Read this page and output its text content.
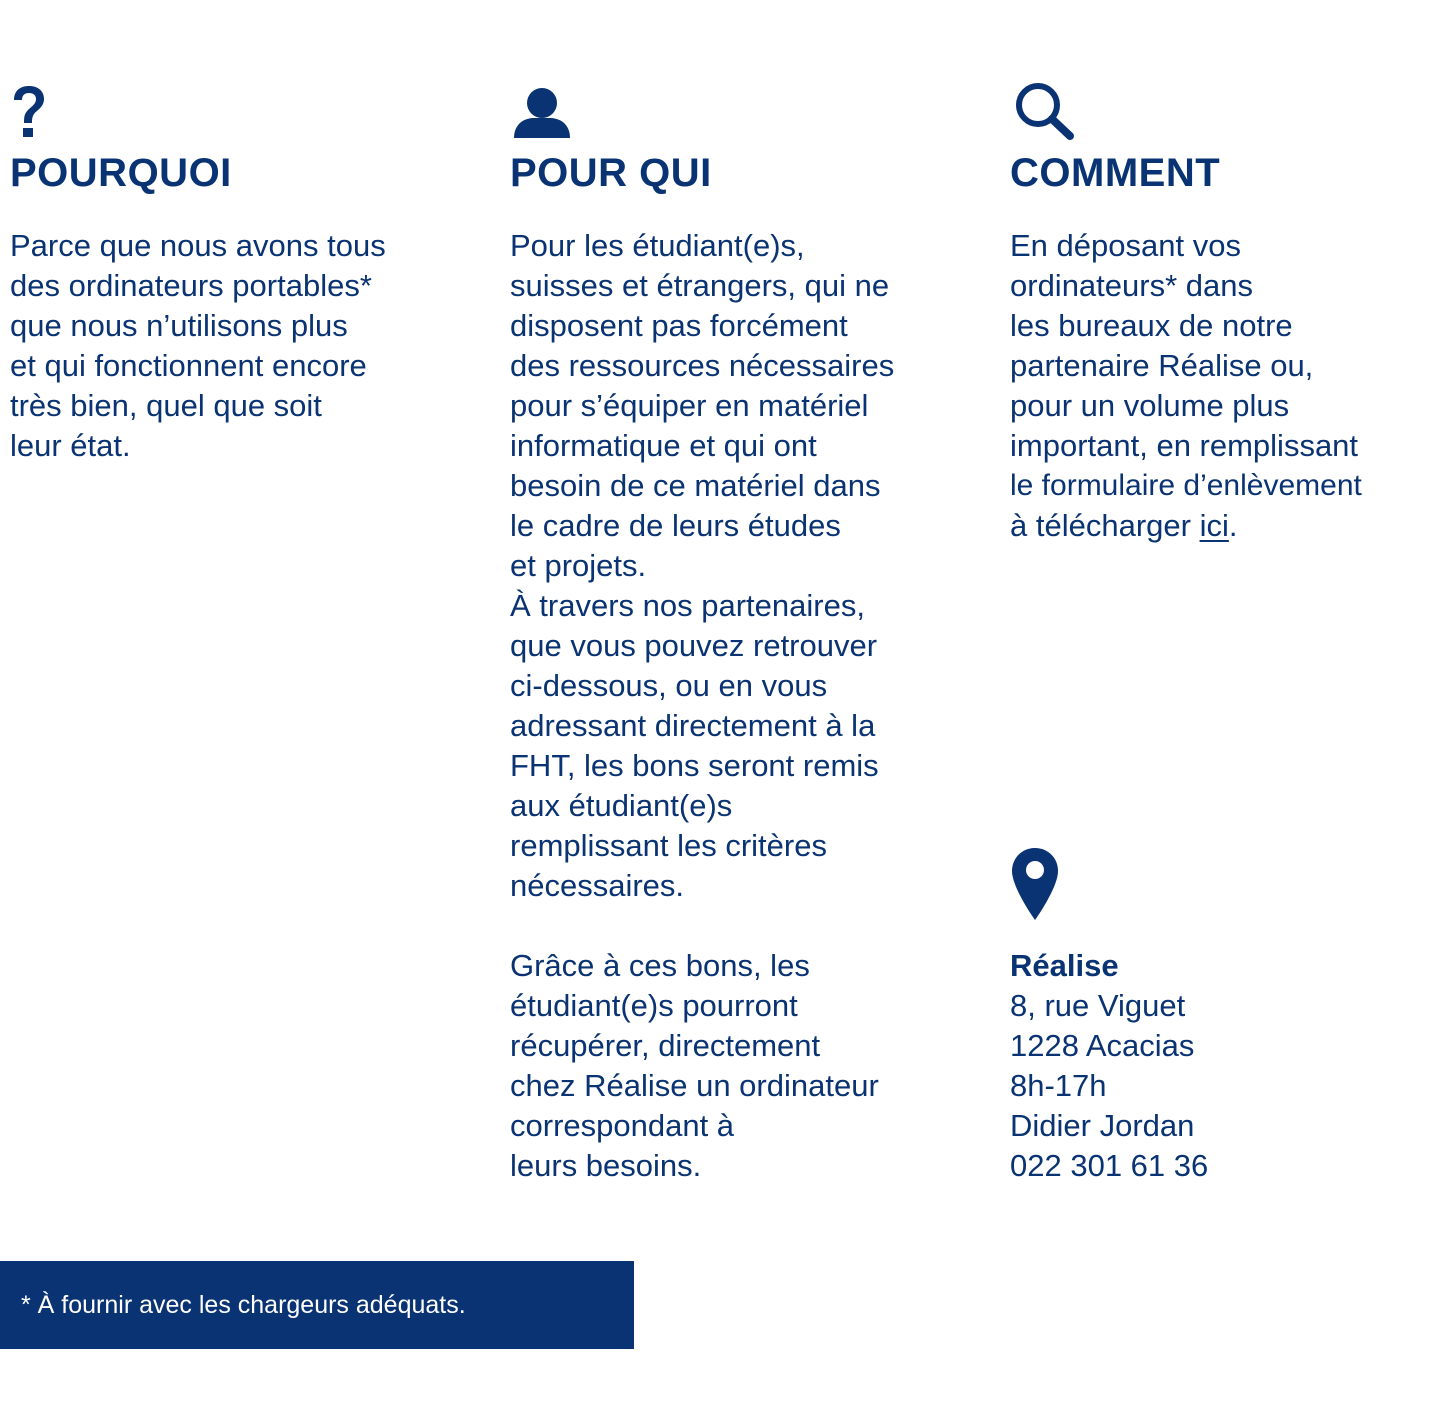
POURQUOI

Parce que nous avons tous
des ordinateurs portables*
que nous n’utilisons plus
et qui fonctionnent encore
très bien, quel que soit
leur état.

POUR QUI

Pour les étudiant(e)s,
suisses et étrangers, qui ne
disposent pas forcément
des ressources nécessaires
pour s’équiper en matériel
informatique et qui ont
besoin de ce matériel dans
le cadre de leurs études
et projets.
À travers nos partenaires,
que vous pouvez retrouver
ci-dessous, ou en vous
adressant directement à la
FHT, les bons seront remis
aux étudiant(e)s
remplissant les critères
nécessaires.
Grâce à ces bons, les
étudiant(e)s pourront
récupérer, directement
chez Réalise un ordinateur
correspondant à
leurs besoins.

COMMENT

En déposant vos
ordinateurs* dans
les bureaux de notre
partenaire Réalise ou,
pour un volume plus
important, en remplissant
le formulaire d’enlèvement
à télécharger ici.

Réalise
8, rue Viguet
1228 Acacias
8h-17h
Didier Jordan
022 301 61 36

* À fournir avec les chargeurs adéquats.
